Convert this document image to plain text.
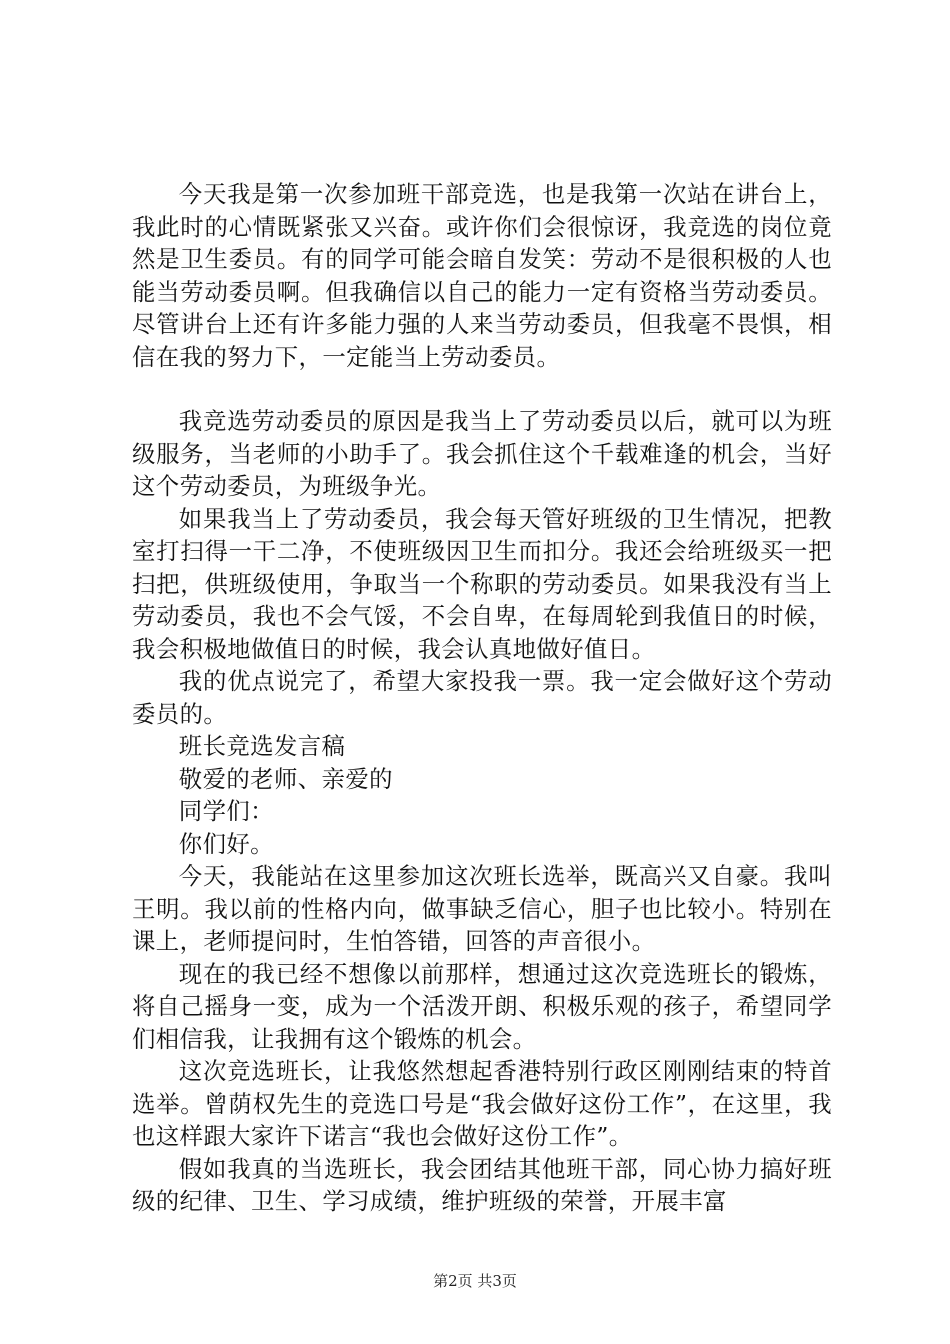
今天我是第一次参加班干部竞选，也是我第一次站在讲台上，我此时的心情既紧张又兴奋。或许你们会很惊讶，我竞选的岗位竟然是卫生委员。有的同学可能会暗自发笑：劳动不是很积极的人也能当劳动委员啊。但我确信以自己的能力一定有资格当劳动委员。尽管讲台上还有许多能力强的人来当劳动委员，但我毫不畏惧，相信在我的努力下，一定能当上劳动委员。

我竞选劳动委员的原因是我当上了劳动委员以后，就可以为班级服务，当老师的小助手了。我会抓住这个千载难逢的机会，当好这个劳动委员，为班级争光。

如果我当上了劳动委员，我会每天管好班级的卫生情况，把教室打扫得一干二净，不使班级因卫生而扣分。我还会给班级买一把扫把，供班级使用，争取当一个称职的劳动委员。如果我没有当上劳动委员，我也不会气馁，不会自卑，在每周轮到我值日的时候，我会积极地做值日的时候，我会认真地做好值日。

我的优点说完了，希望大家投我一票。我一定会做好这个劳动委员的。

班长竞选发言稿

敬爱的老师、亲爱的

同学们：

你们好。

今天，我能站在这里参加这次班长选举，既高兴又自豪。我叫王明。我以前的性格内向，做事缺乏信心，胆子也比较小。特别在课上，老师提问时，生怕答错，回答的声音很小。

现在的我已经不想像以前那样，想通过这次竞选班长的锻炼，将自己摇身一变，成为一个活泼开朗、积极乐观的孩子，希望同学们相信我，让我拥有这个锻炼的机会。

这次竞选班长，让我悠然想起香港特别行政区刚刚结束的特首选举。曾荫权先生的竞选口号是“我会做好这份工作”，在这里，我也这样跟大家许下诺言“我也会做好这份工作”。

假如我真的当选班长，我会团结其他班干部，同心协力搞好班级的纪律、卫生、学习成绩，维护班级的荣誉，开展丰富

第2页 共3页
